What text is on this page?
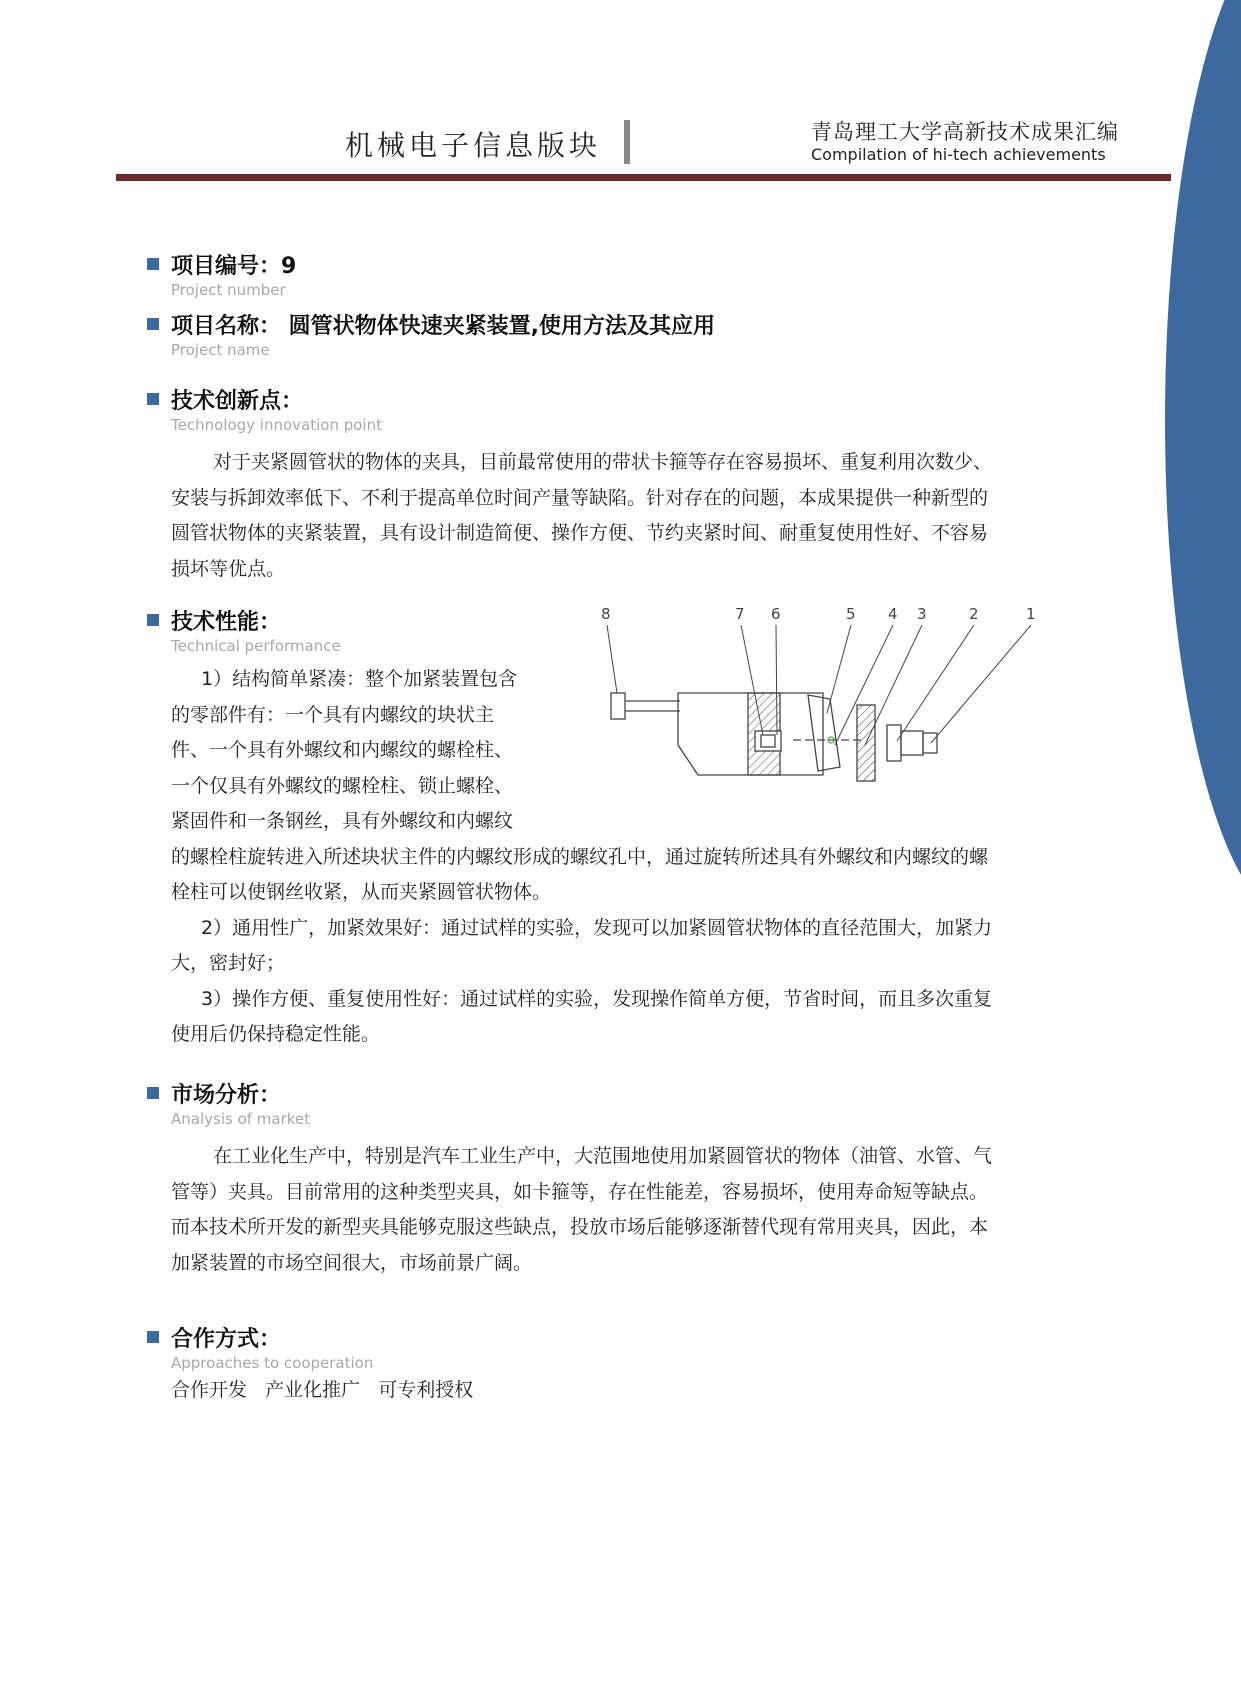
机械电子信息版块	青岛理工大学高新技术成果汇编
Compilation of hi-tech achievements
项目编号：9
Project number
项目名称： 圆管状物体快速夹紧装置,使用方法及其应用
Project name
技术创新点：
Technology innovation point
对于夹紧圆管状的物体的夹具，目前最常使用的带状卡箍等存在容易损坏、重复利用次数少、
安装与拆卸效率低下、不利于提高单位时间产量等缺陷。针对存在的问题，本成果提供一种新型的
圆管状物体的夹紧装置，具有设计制造简便、操作方便、节约夹紧时间、耐重复使用性好、不容易
损坏等优点。
技术性能：
Technical performance
1）结构简单紧凑：整个加紧装置包含
的零部件有：一个具有内螺纹的块状主
件、一个具有外螺纹和内螺纹的螺栓柱、
一个仅具有外螺纹的螺栓柱、锁止螺栓、
紧固件和一条钢丝，具有外螺纹和内螺纹
的螺栓柱旋转进入所述块状主件的内螺纹形成的螺纹孔中，通过旋转所述具有外螺纹和内螺纹的螺
栓柱可以使钢丝收紧，从而夹紧圆管状物体。
2）通用性广，加紧效果好：通过试样的实验，发现可以加紧圆管状物体的直径范围大，加紧力
大，密封好；
3）操作方便、重复使用性好：通过试样的实验，发现操作简单方便，节省时间，而且多次重复
使用后仍保持稳定性能。
8	7 6	5 4 3	2	1
市场分析：
Analysis of market
在工业化生产中，特别是汽车工业生产中，大范围地使用加紧圆管状的物体（油管、水管、气
管等）夹具。目前常用的这种类型夹具，如卡箍等，存在性能差，容易损坏，使用寿命短等缺点。
而本技术所开发的新型夹具能够克服这些缺点，投放市场后能够逐渐替代现有常用夹具，因此，本
加紧装置的市场空间很大，市场前景广阔。
合作方式：
Approaches to cooperation
合作开发   产业化推广   可专利授权
